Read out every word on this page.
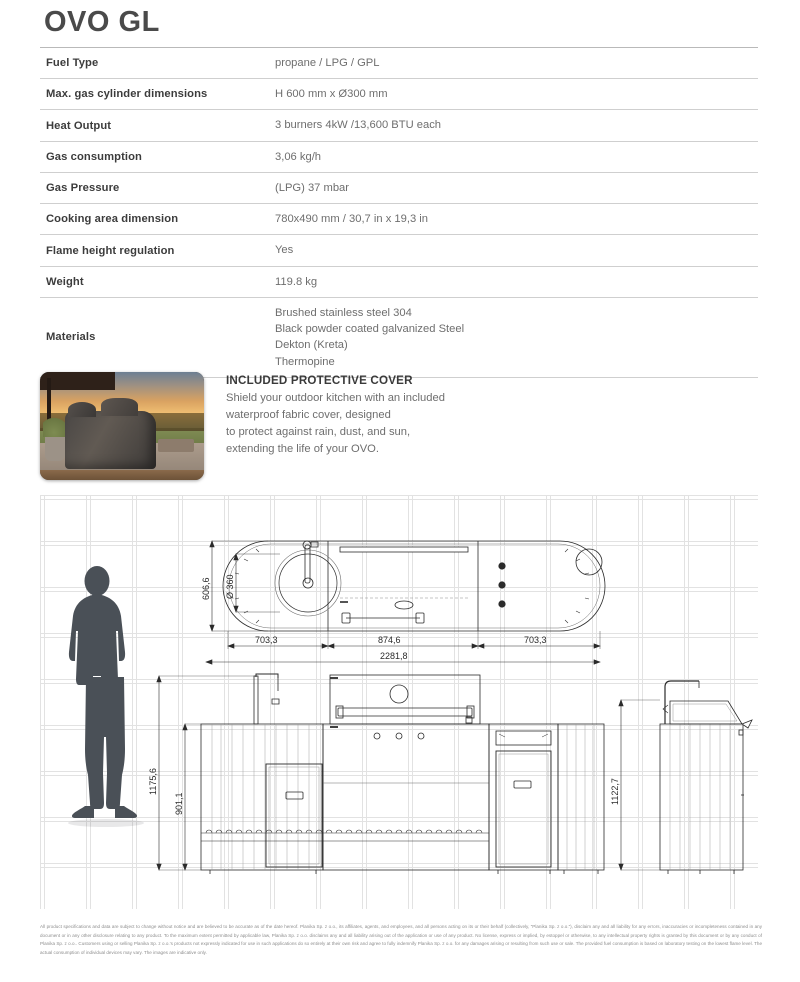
OVO GL
Fuel Type	propane / LPG / GPL

Max. gas cylinder dimensions	H 600 mm x Ø300 mm

Heat Output	3 burners 4kW /13,600 BTU each

Gas consumption	3,06 kg/h

Gas Pressure	(LPG) 37 mbar

Cooking area dimension	780x490 mm / 30,7 in x 19,3 in

Flame height regulation	Yes

Weight	119.8 kg

Materials	Brushed stainless steel 304
Black powder coated galvanized Steel
Dekton (Kreta)
Thermopine
INCLUDED PROTECTIVE COVER
Shield your outdoor kitchen with an included
waterproof fabric cover, designed
to protect against rain, dust, and sun,
extending the life of your OVO.
606,6 Ø 360
703,3	874,6	703,3
2281,8
1175,6
901,1	1122,7

All product specifications and data are subject to change without notice and are believed to be accurate as of the date hereof. Planika Sp. z o.o., its affiliates, agents, and employees, and all persons acting on its or their behalf (collectively, “Planika Sp. z o.o.”), disclaim any and all liability for any errors, inaccuracies or incompleteness contained in any document or in any other disclosure relating to any product. To the maximum extent permitted by applicable law, Planika Sp. z o.o. disclaims any and all liability arising out of the application or use of any product. No license, express or implied, by estoppel or otherwise, to any intellectual property rights is granted by this document or by any conduct of Planika Sp. z o.o.. Customers using or selling Planika Sp. z o.o.’s products not expressly indicated for use in such applications do so entirely at their own risk and agree to fully indemnify Planika Sp. z o.o. for any damages arising or resulting from such use or sale. The provided fuel consumption is based on laboratory testing on the lowest flame level. The actual consumption of individual devices may vary. The images are indicative only.
